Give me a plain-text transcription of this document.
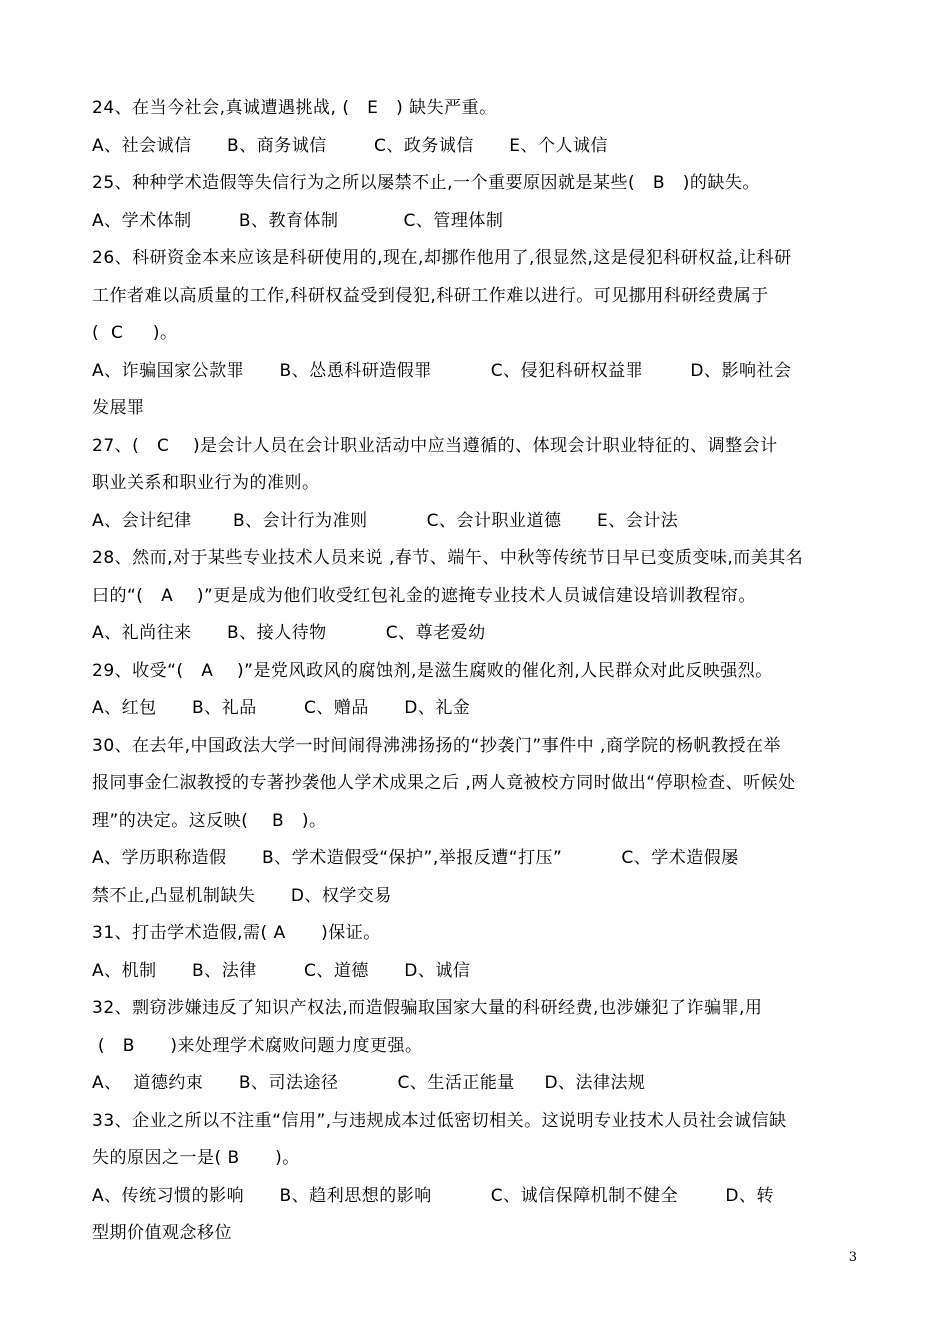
24、在当今社会,真诚遭遇挑战, (   E   ) 缺失严重。
A、社会诚信      B、商务诚信        C、政务诚信      E、个人诚信
25、种种学术造假等失信行为之所以屡禁不止,一个重要原因就是某些(   B   )的缺失。
A、学术体制        B、教育体制           C、管理体制
26、科研资金本来应该是科研使用的,现在,却挪作他用了,很显然,这是侵犯科研权益,让科研
工作者难以高质量的工作,科研权益受到侵犯,科研工作难以进行。可见挪用科研经费属于
(  C     )。
A、诈骗国家公款罪      B、怂恿科研造假罪          C、侵犯科研权益罪        D、影响社会
发展罪
27、(   C    )是会计人员在会计职业活动中应当遵循的、体现会计职业特征的、调整会计
职业关系和职业行为的准则。
A、会计纪律       B、会计行为准则          C、会计职业道德      E、会计法
28、然而,对于某些专业技术人员来说 ,春节、端午、中秋等传统节日早已变质变味,而美其名
曰的“(   A    )”更是成为他们收受红包礼金的遮掩专业技术人员诚信建设培训教程帘。
A、礼尚往来      B、接人待物          C、尊老爱幼
29、收受“(   A    )”是党风政风的腐蚀剂,是滋生腐败的催化剂,人民群众对此反映强烈。
A、红包      B、礼品        C、赠品      D、礼金
30、在去年,中国政法大学一时间闹得沸沸扬扬的“抄袭门”事件中 ,商学院的杨帆教授在举
报同事金仁淑教授的专著抄袭他人学术成果之后 ,两人竟被校方同时做出“停职检查、听候处
理”的决定。这反映(    B   )。
A、学历职称造假      B、学术造假受“保护”,举报反遭“打压”          C、学术造假屡
禁不止,凸显机制缺失      D、权学交易
31、打击学术造假,需( A      )保证。
A、机制      B、法律        C、道德      D、诚信
32、剽窃涉嫌违反了知识产权法,而造假骗取国家大量的科研经费,也涉嫌犯了诈骗罪,用
(   B      )来处理学术腐败问题力度更强。
A、  道德约束      B、司法途径          C、生活正能量     D、法律法规
33、企业之所以不注重“信用”,与违规成本过低密切相关。这说明专业技术人员社会诚信缺
失的原因之一是( B      )。
A、传统习惯的影响      B、趋利思想的影响          C、诚信保障机制不健全        D、转
型期价值观念移位
3
